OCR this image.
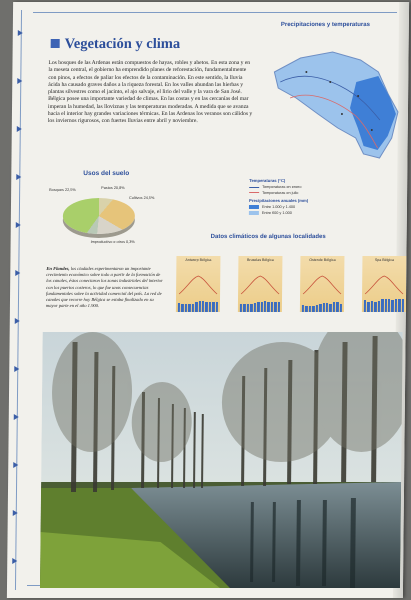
Vegetación y clima

Los bosques de las Ardenas están compuestos de hayas, robles y abetos. En esta zona y en la meseta central, el gobierno ha emprendido planes de reforestación, fundamentalmente con pinos, a efectos de paliar los efectos de la contaminación. En este sentido, la lluvia ácida ha causado graves daños a la riqueza forestal. En los valles abundan las hierbas y plantas silvestres como el jacinto, el ajo salvaje, el lirio del valle y la vara de San José. Bélgica posee una importante variedad de climas. En las costas y en las cercanías del mar imperan la humedad, las lloviznas y las temperaturas moderadas. A medida que se avanza hacia el interior hay grandes variaciones térmicas. En las Ardenas los veranos son cálidos y los inviernos rigurosos, con fuertes lluvias entre abril y noviembre.

Precipitaciones y temperaturas
Temperaturas (°C)
Temperaturas en enero
Temperaturas en julio
Precipitaciones anuales (mm)
Entre 1.000 y 1.400
Entre 600 y 1.000
Usos del suelo
Bosques 22,5%	Pastos 20,8%
Cultivos 24,5%
Improductivo e otros 0,3%

En Flandes, los ciudades experimentaron un importante crecimiento económico sobre todo a partir de la formación de los canales, éstos conectaron los zonas industriales del interior con los puertos costeros, lo que fue unas consecuencias fundamentales sobre la actividad comercial del país. La red de canales que recorre hoy Bélgica se estaba finalizado en su mayor parte en el año 1.900.

Datos climáticos de algunas localidades
Antwerp Bélgica	Bruselas Bélgica	Ostende Bélgica	Spa Bélgica
